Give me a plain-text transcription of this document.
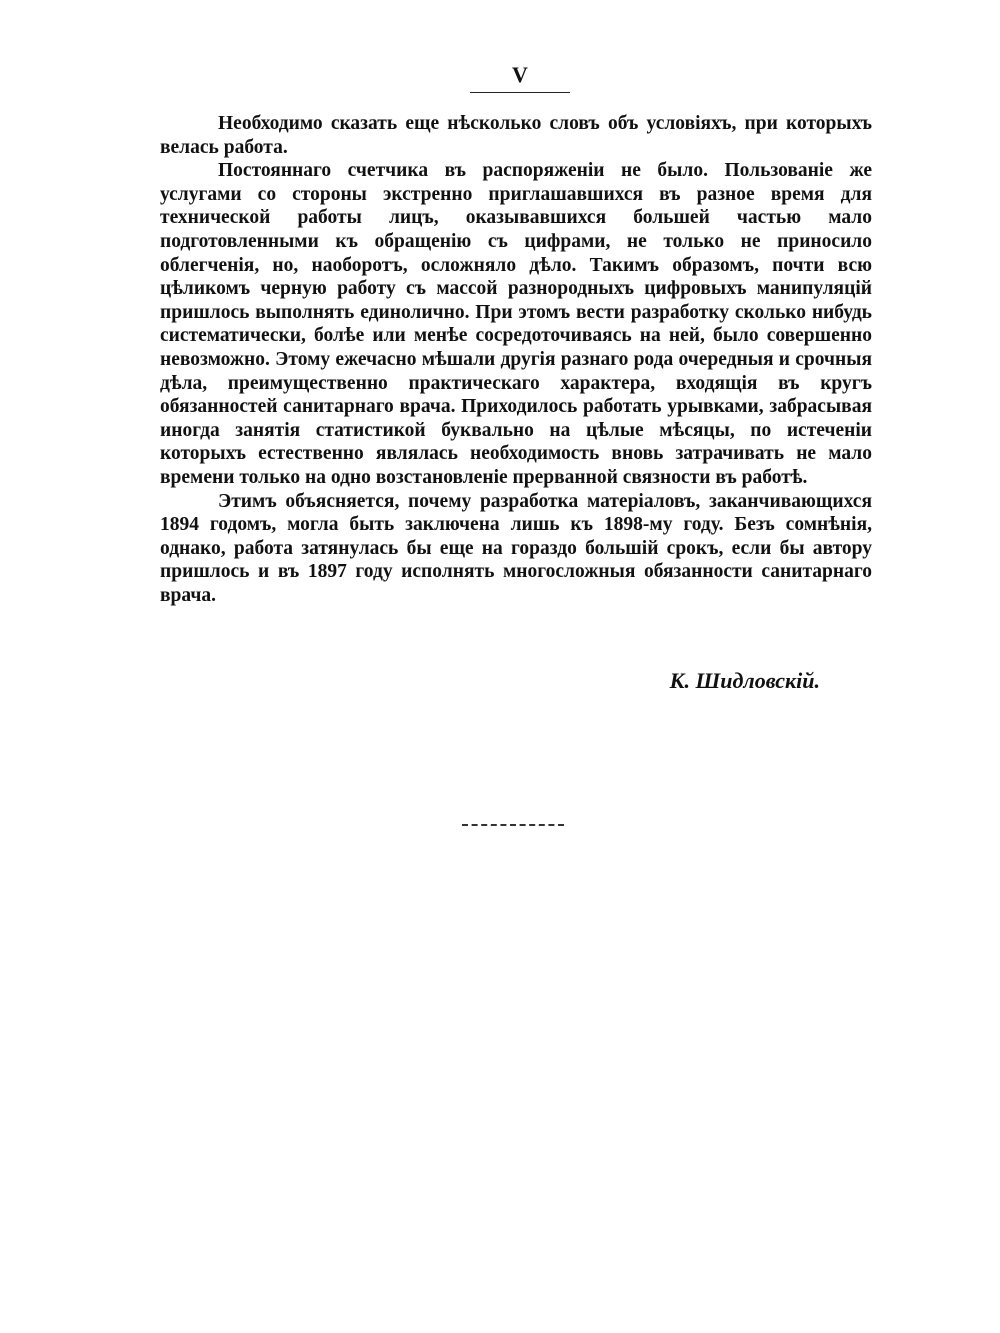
V

Необходимо сказать еще нѣсколько словъ объ условіяхъ, при которыхъ велась работа.

Постояннаго счетчика въ распоряженіи не было. Пользованіе же услугами со стороны экстренно приглашавшихся въ разное время для техничеcкой работы лицъ, оказывавшихся большей частью мало подготовленными къ обращенію съ цифрами, не только не приносило облегченія, но, наоборотъ, осложняло дѣло. Такимъ образомъ, почти всю цѣликомъ черную работу съ массой разнородныхъ цифровыхъ манипуляцій пришлось выполнять единолично. При этомъ вести разработку сколько нибудь систематически, болѣе или менѣе сосредоточиваясь на ней, было совершенно невозможно. Этому ежечасно мѣшали другія разнаго рода очередныя и срочныя дѣла, преимущественно практическаго характера, входящія въ кругъ обязанностей санитарнаго врача. Приходилось работать урывками, забрасывая иногда занятія статистикой буквально на цѣлые мѣсяцы, по истеченіи которыхъ естественно являлась необходимость вновь затрачивать не мало времени только на одно возстановленіе прерванной связности въ работѣ.

Этимъ объясняется, почему разработка матеріаловъ, заканчивающихся 1894 годомъ, могла быть заключена лишь къ 1898-му году. Безъ сомнѣнія, однако, работа затянулась бы еще на гораздо большій срокъ, если бы автору пришлось и въ 1897 году исполнять многосложныя обязанности санитарнаго врача.

К. Шидловскій.
